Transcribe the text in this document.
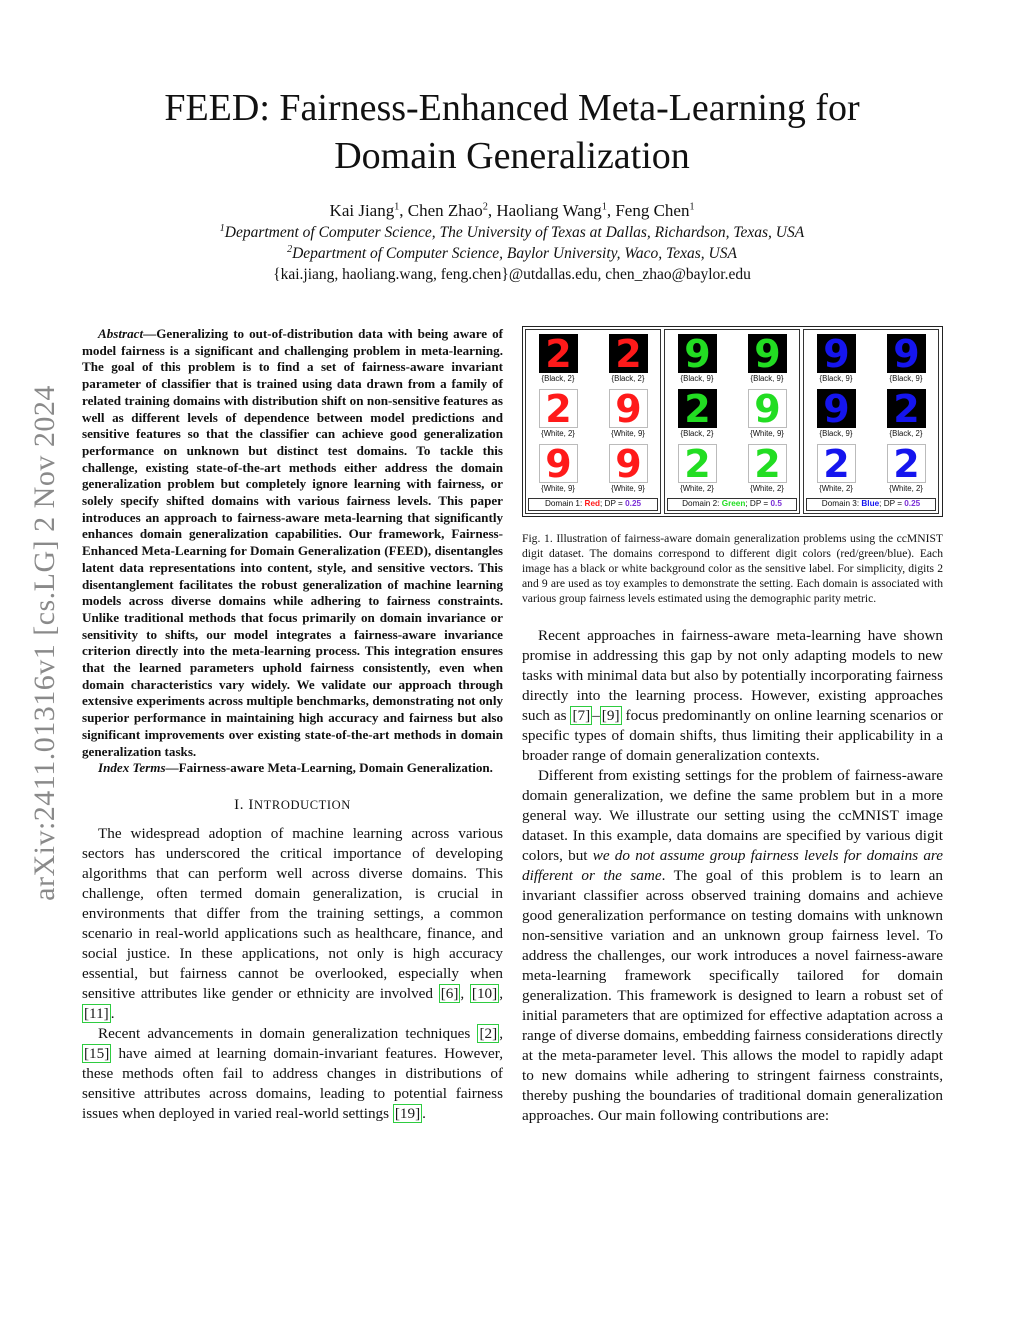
arXiv:2411.01316v1 [cs.LG] 2 Nov 2024
FEED: Fairness-Enhanced Meta-Learning for
Domain Generalization
Kai Jiang$^1$, Chen Zhao$^2$, Haoliang Wang$^1$, Feng Chen$^1$
$^1$Department of Computer Science, The University of Texas at Dallas, Richardson, Texas, USA
$^2$Department of Computer Science, Baylor University, Waco, Texas, USA
{kai.jiang, haoliang.wang, feng.chen}@utdallas.edu, chen_zhao@baylor.edu

Abstract—Generalizing to out-of-distribution data with being aware of model fairness is a significant and challenging problem in meta-learning. The goal of this problem is to find a set of fairness-aware invariant parameter of classifier that is trained using data drawn from a family of related training domains with distribution shift on non-sensitive features as well as different levels of dependence between model predictions and sensitive features so that the classifier can achieve good generalization performance on unknown but distinct test domains. To tackle this challenge, existing state-of-the-art methods either address the domain generalization problem but completely ignore learning with fairness, or solely specify shifted domains with various fairness levels. This paper introduces an approach to fairness-aware meta-learning that significantly enhances domain generalization capabilities. Our framework, Fairness-Enhanced Meta-Learning for Domain Generalization (FEED), disentangles latent data representations into content, style, and sensitive vectors. This disentanglement facilitates the robust generalization of machine learning models across diverse domains while adhering to fairness constraints. Unlike traditional methods that focus primarily on domain invariance or sensitivity to shifts, our model integrates a fairness-aware invariance criterion directly into the meta-learning process. This integration ensures that the learned parameters uphold fairness consistently, even when domain characteristics vary widely. We validate our approach through extensive experiments across multiple benchmarks, demonstrating not only superior performance in maintaining high accuracy and fairness but also significant improvements over existing state-of-the-art methods in domain generalization tasks.

Index Terms—Fairness-aware Meta-Learning, Domain Generalization.

I. INTRODUCTION

The widespread adoption of machine learning across various sectors has underscored the critical importance of developing algorithms that can perform well across diverse domains. This challenge, often termed domain generalization, is crucial in environments that differ from the training settings, a common scenario in real-world applications such as healthcare, finance, and social justice. In these applications, not only is high accuracy essential, but fairness cannot be overlooked, especially when sensitive attributes like gender or ethnicity are involved [6] , [10] , [11] .

Recent advancements in domain generalization techniques [2] , [15] have aimed at learning domain-invariant features. However, these methods often fail to address changes in distributions of sensitive attributes across domains, leading to potential fairness issues when deployed in varied real-world settings [19] .

2
{Black, 2}
2
{Black, 2}
2
{White, 2}
9
{White, 9}
9
{White, 9}
9
{White, 9}
Domain 1: Red; DP = 0.25
9
{Black, 9}
9
{Black, 9}
2
{Black, 2}
9
{White, 9}
2
{White, 2}
2
{White, 2}
Domain 2: Green; DP = 0.5
9
{Black, 9}
9
{Black, 9}
9
{Black, 9}
2
{Black, 2}
2
{White, 2}
2
{White, 2}
Domain 3: Blue; DP = 0.25

Fig. 1. Illustration of fairness-aware domain generalization problems using the ccMNIST digit dataset. The domains correspond to different digit colors (red/green/blue). Each image has a black or white background color as the sensitive label. For simplicity, digits 2 and 9 are used as toy examples to demonstrate the setting. Each domain is associated with various group fairness levels estimated using the demographic parity metric.

Recent approaches in fairness-aware meta-learning have shown promise in addressing this gap by not only adapting models to new tasks with minimal data but also by potentially incorporating fairness directly into the learning process. However, existing approaches such as [7] – [9] focus predominantly on online learning scenarios or specific types of domain shifts, thus limiting their applicability in a broader range of domain generalization contexts.

Different from existing settings for the problem of fairness-aware domain generalization, we define the same problem but in a more general way. We illustrate our setting using the ccMNIST image dataset. In this example, data domains are specified by various digit colors, but we do not assume group fairness levels for domains are different or the same. The goal of this problem is to learn an invariant classifier across observed training domains and achieve good generalization performance on testing domains with unknown non-sensitive variation and an unknown group fairness level. To address the challenges, our work introduces a novel fairness-aware meta-learning framework specifically tailored for domain generalization. This framework is designed to learn a robust set of initial parameters that are optimized for effective adaptation across a range of diverse domains, embedding fairness considerations directly at the meta-parameter level. This allows the model to rapidly adapt to new domains while adhering to stringent fairness constraints, thereby pushing the boundaries of traditional domain generalization approaches. Our main following contributions are:
